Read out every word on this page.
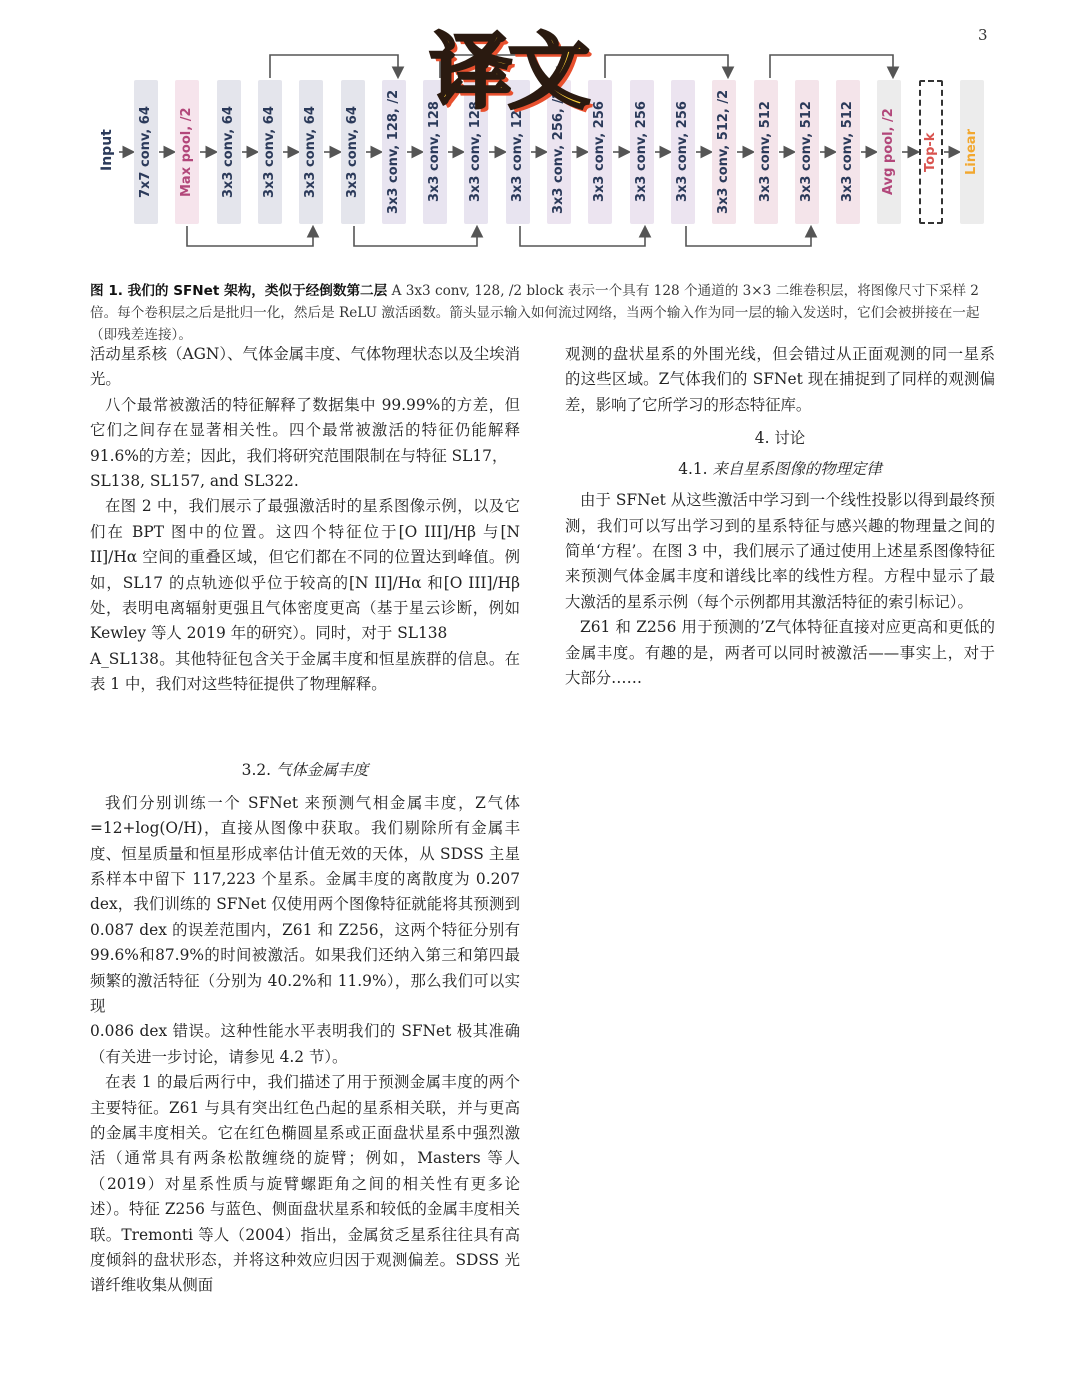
3
Input	7x7 conv, 64	Max pool, /2	3x3 conv, 64	3x3 conv, 64	3x3 conv, 64	3x3 conv, 64	3x3 conv, 128, /2	3x3 conv, 128	3x3 conv, 128	3x3 conv, 128	3x3 conv, 256, /2	3x3 conv, 256	3x3 conv, 256	3x3 conv, 256	3x3 conv, 512, /2	3x3 conv, 512	3x3 conv, 512	3x3 conv, 512	Avg pool, /2	Top-k	Linear
译文
图 1. 我们的 SFNet 架构，类似于经倒数第二层 A 3x3 conv, 128, /2 block 表示一个具有 128 个通道的 3×3 二维卷积层，将图像尺寸下采样 2 倍。每个卷积层之后是批归一化，然后是 ReLU 激活函数。箭头显示输入如何流过网络，当两个输入作为同一层的输入发送时，它们会被拼接在一起（即残差连接）。

活动星系核（AGN）、气体金属丰度、气体物理状态以及尘埃消光。

八个最常被激活的特征解释了数据集中 99.99%的方差，但它们之间存在显著相关性。四个最常被激活的特征仍能解释 91.6%的方差；因此，我们将研究范围限制在与特征 SL17，

SL138, SL157, and SL322.

在图 2 中，我们展示了最强激活时的星系图像示例，以及它们在 BPT 图中的位置。这四个特征位于[O III]/Hβ 与[N II]/Hα 空间的重叠区域，但它们都在不同的位置达到峰值。例如，SL17 的点轨迹似乎位于较高的[N II]/Hα 和[O III]/Hβ 处，表明电离辐射更强且气体密度更高（基于星云诊断，例如 Kewley 等人 2019 年的研究）。同时，对于 SL138

A_SL138。其他特征包含关于金属丰度和恒星族群的信息。在表 1 中，我们对这些特征提供了物理解释。

3.2. 气体金属丰度

我们分别训练一个 SFNet 来预测气相金属丰度，Z气体=12+log(O/H)，直接从图像中获取。我们剔除所有金属丰度、恒星质量和恒星形成率估计值无效的天体，从 SDSS 主星系样本中留下 117,223 个星系。金属丰度的离散度为 0.207 dex，我们训练的 SFNet 仅使用两个图像特征就能将其预测到 0.087 dex 的误差范围内，Z61 和 Z256，这两个特征分别有99.6%和87.9%的时间被激活。如果我们还纳入第三和第四最频繁的激活特征（分别为 40.2%和 11.9%），那么我们可以实现

0.086 dex 错误。这种性能水平表明我们的 SFNet 极其准确（有关进一步讨论，请参见 4.2 节）。

在表 1 的最后两行中，我们描述了用于预测金属丰度的两个主要特征。Z61 与具有突出红色凸起的星系相关联，并与更高的金属丰度相关。它在红色椭圆星系或正面盘状星系中强烈激活（通常具有两条松散缠绕的旋臂；例如，Masters 等人（2019）对星系性质与旋臂螺距角之间的相关性有更多论述）。特征 Z256 与蓝色、侧面盘状星系和较低的金属丰度相关联。Tremonti 等人（2004）指出，金属贫乏星系往往具有高度倾斜的盘状形态，并将这种效应归因于观测偏差。SDSS 光谱纤维收集从侧面

观测的盘状星系的外围光线，但会错过从正面观测的同一星系的这些区域。Z气体我们的 SFNet 现在捕捉到了同样的观测偏差，影响了它所学习的形态特征库。

4. 讨论

4.1. 来自星系图像的物理定律

由于 SFNet 从这些激活中学习到一个线性投影以得到最终预测，我们可以写出学习到的星系特征与感兴趣的物理量之间的简单‘方程’。在图 3 中，我们展示了通过使用上述星系图像特征来预测气体金属丰度和谱线比率的线性方程。方程中显示了最大激活的星系示例（每个示例都用其激活特征的索引标记）。

Z61 和 Z256 用于预测的’Z气体特征直接对应更高和更低的金属丰度。有趣的是，两者可以同时被激活——事实上，对于大部分……
